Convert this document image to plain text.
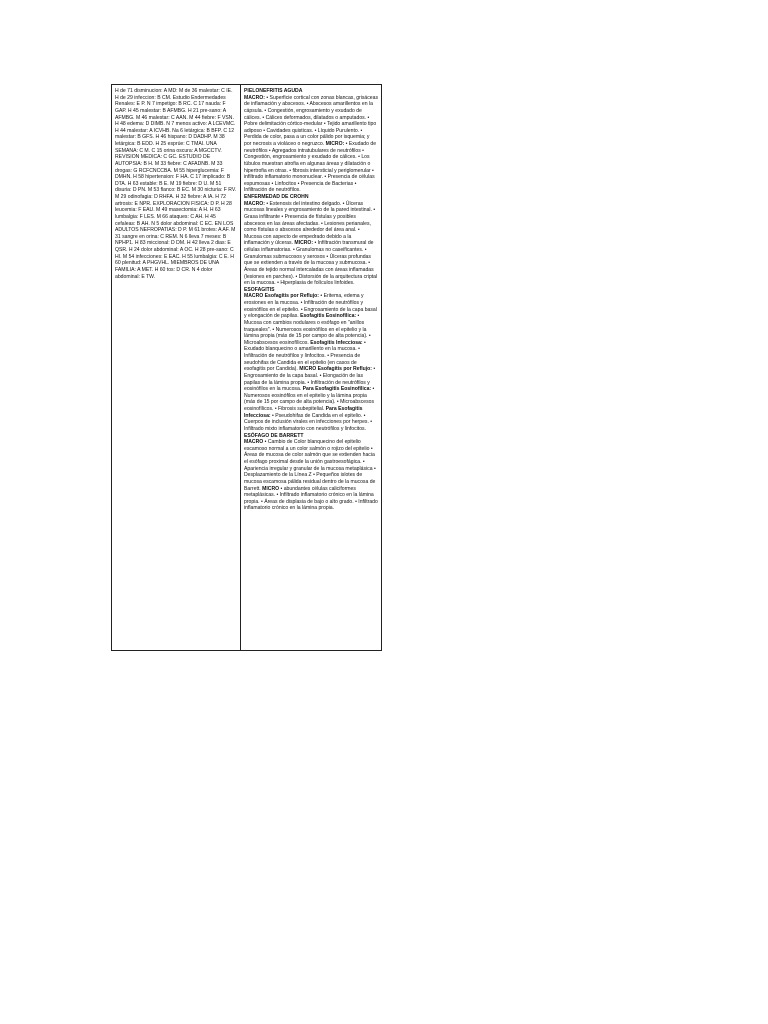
H de 71 disminucion: A MD: M de 36 malestar: C IE. H de 29 infeccion: B CM. Estudio Endermedades Renales: E P. N 7 impetigo: B RC. C 17 nauda: F GAP. H 45 malestar: B AFMBG. H 21 pre-sano: A AFMBG. M 46 malestar: C AAN. M 44 fiebre: F VSN. H 48 edema: D DIMB. N 7 menos activo: A LCEVMC. H 44 malestar: A ICVHB. Na 6 letárgica: B BFP. C 12 malestar: B GFS. H 46 hispano: D DADHP. M 38 letárgica: B EDD. H 25 esprúe: C TMAI. UNA SEMANA: C M. C 15 orina oscura: A MGCCTV. REVISION MEDICA: C GC. ESTUDIO DE AUTOPSIA: B H. M 33 fiebre: C AFADNB. M 33 drogas: G RCFCNCCBA. M 55 hiperglucemia: F DMHN. H 58 hipertension: F HA. C 17 implicado: B DTA. H 63 estable: B E. M 19 fiebre: D U. M 51 disuria: D PN. M 53 flanco: B EC. M 30 nicturia: F RV. M 29 odinofagia: D RHFA. H 32 fiebre: A IA. H 72 artrosis: E NPR. EXPLORACION FISICA: D P. H 28 leucemia: F EAU. M 49 masectomia: A H. H 63 lumbalgia: F LES. M 66 ataques: C AH. H 45 cefaleas: B AH. N 5 dolor abdominal: C EC. EN LOS ADULTOS NEFROPATIAS: D P. M 61 brotes: A AF. M 31 sangre en orina: C REM. N 6 lleva 7 meses: B NPHP1. H 83 miccional: D DM. H 42 lleva 2 dias: E QSR. H 24 dolor abdominal: A OC. H 28 pre-sano: C HI. M 54 infecciones: E EAC. H 55 lumbalgia: C E. H 60 plenitud: A PHGVHL. MIEMBROS DE UNA FAMILIA: A MET. H 60 tos: D CR. N 4 dolor abdominal: E TW.

PIELONEFRITIS AGUDA
MACRO: • Superficie cortical con zonas blancas, grisáceas de inflamación y abscesos. • Abscesos amarillentos en la cápsula. • Congestión, engrosamiento y exudado de cálices. • Cálices deformados, dilatados o amputados. • Pobre delimitación córtico-medular • Tejido amarillento tipo adiposo • Cavidades quisticas. • Líquido Purulento. • Perdida de color, pasa a un color pálido por isquemia; y por necrosis a violáceo o negruzco. MICRO: • Exudado de neutrófilos • Agregados intratubulares de neutrófilos • Congestión, engrosamiento y exudado de cálices. • Los túbulos muestran atrofia en algunas áreas y dilatación o hipertrofia en otras. • fibrosis intersticial y periglomerular • infiltrado inflamatorio mononuclear. • Presencia de células espumosas • Linfocitos • Presencia de Bacterias • Infiltración de neutrófilos.

ENFERMEDAD DE CROHN
MACRO: • Estenosis del intestino delgado. • Úlceras mucosas lineales y engrosamiento de la pared intestinal. • Grasa infiltrante • Presencia de fístulas y posibles abscesos en las áreas afectadas. • Lesiones perianales, como fístulas o abscesos alrededor del área anal. • Mucosa con aspecto de empedrado debido a la inflamación y úlceras. MICRO: • Infiltración transmural de células inflamatorias. • Granulomas no caseificantes. • Granulomas submucosos y serosos • Úlceras profundas que se extienden a través de la mucosa y submucosa. • Áreas de tejido normal intercaladas con áreas inflamadas (lesiones en parches). • Distorsión de la arquitectura criptal en la mucosa. • Hiperplasia de folículos linfoides.

ESOFAGITIS
MACRO Esofagitis por Reflujo: • Eritema, edema y erosiones en la mucosa. • Infiltración de neutrófilos y eosinófilos en el epitelio. • Engrosamiento de la capa basal y elongación de papilas. Esofagitis Eosinofílica: • Mucosa con cambios nodulares o esófago en "anillos traqueales". • Numerosos eosinófilos en el epitelio y la lámina propia (más de 15 por campo de alta potencia). • Microabscesos eosinofílicos. Esofagitis Infecciosa: • Exudado blanquecino o amarillento en la mucosa. • Infiltración de neutrófilos y linfocitos. • Presencia de seudohifas de Candida en el epitelio (en casos de esofagitis por Candida). MICRO Esofagitis por Reflujo: • Engrosamiento de la capa basal. • Elongación de las papilas de la lámina propia. • Infiltración de neutrófilos y eosinófilos en la mucosa. Para Esofagitis Eosinofílica: • Numerosos eosinófilos en el epitelio y la lámina propia (más de 15 por campo de alta potencia). • Microabscesos eosinofílicos. • Fibrosis subepitelial. Para Esofagitis Infecciosa: • Pseudohifas de Candida en el epitelio. • Cuerpos de inclusión virales en infecciones por herpes. • Infiltrado mixto inflamatorio con neutrófilos y linfocitos.

ESÓFAGO DE BARRETT
MACRO • Cambio de Color blanquecino del epitelio escamoso normal a un color salmón o rojizo del epitelio • Áreas de mucosa de color salmón que se extienden hacia el esófago proximal desde la unión gastroesofágica. • Apariencia irregular y granular de la mucosa metaplásica • Desplazamiento de la Línea Z • Pequeños islotes de mucosa escamosa pálida residual dentro de la mucosa de Barrett. MICRO • abundantes células caliciformes metaplásicas. • Infiltrado inflamatorio crónico en la lámina propia. • Áreas de displasia de bajo o alto grado. • Infiltrado inflamatorio crónico en la lámina propia.
